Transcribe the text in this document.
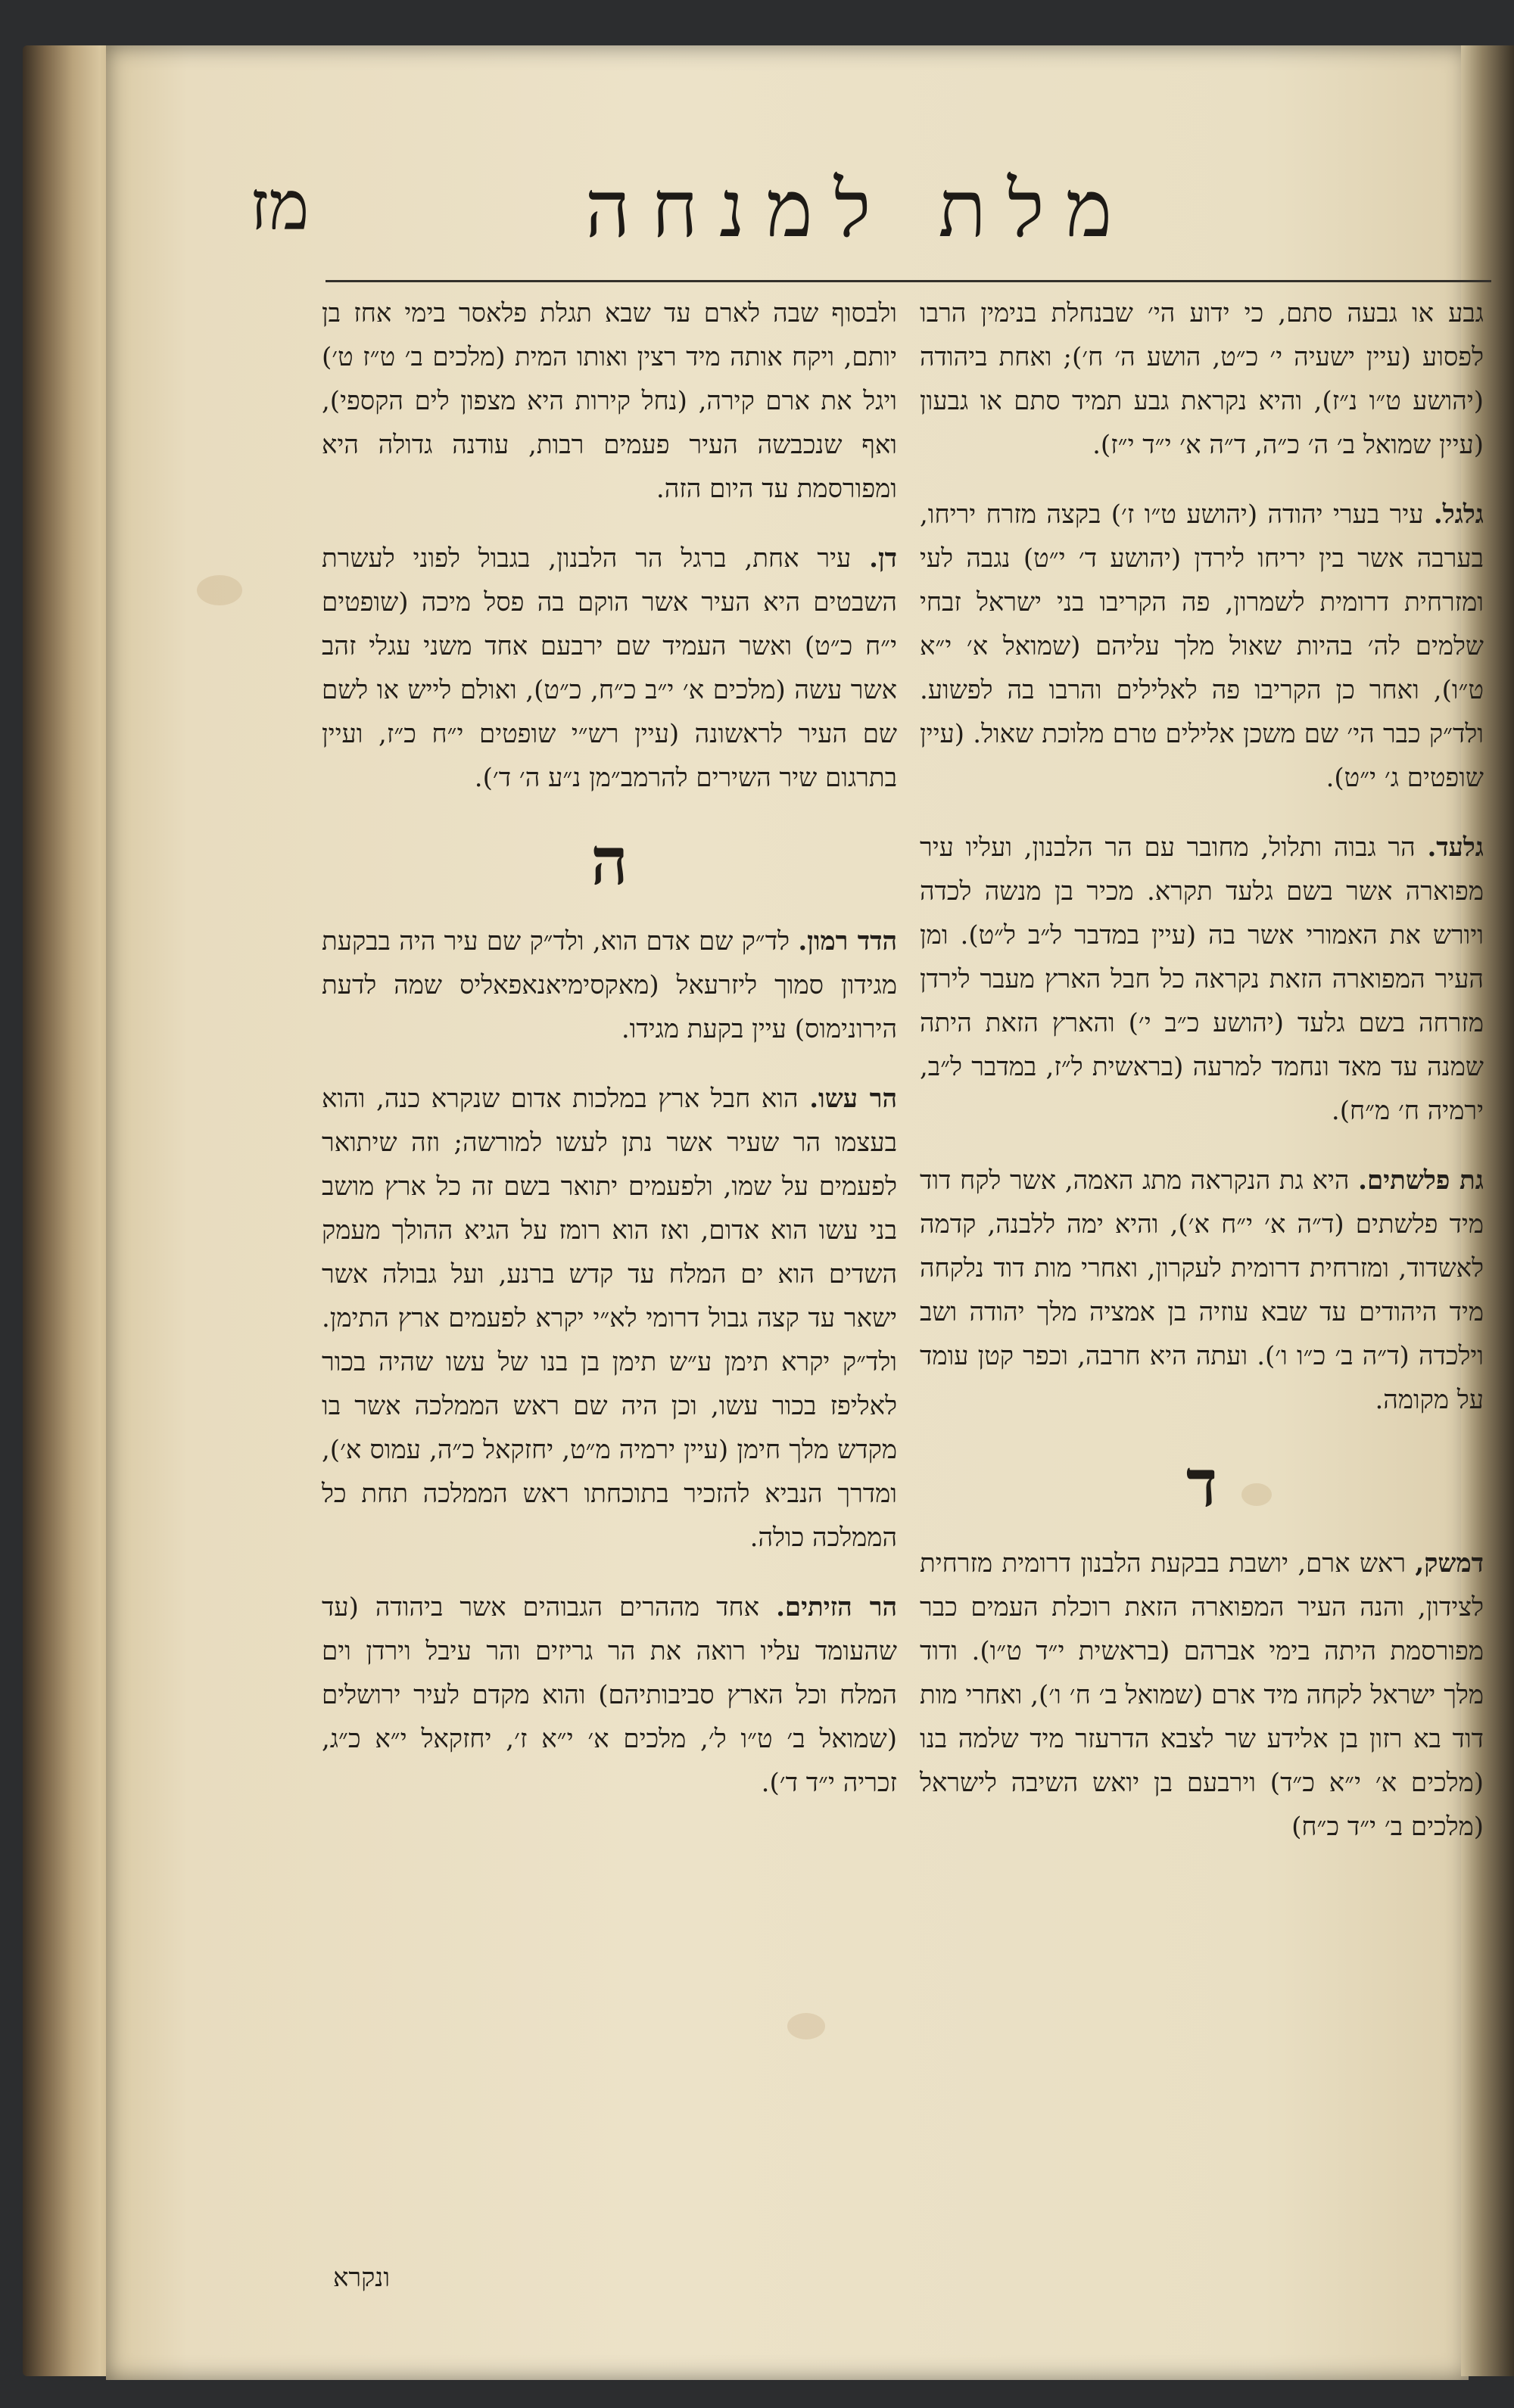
מז	מלת למנחה

גבע או גבעה סתם, כי ידוע הי׳ שבנחלת בנימין הרבו לפסוע (עיין ישעיה י׳ כ״ט, הושע ה׳ ח׳); ואחת ביהודה (יהושע ט״ו נ״ז), והיא נקראת גבע תמיד סתם או גבעון (עיין שמואל ב׳ ה׳ כ״ה, ד״ה א׳ י״ד י״ז).

גלגל. עיר בערי יהודה (יהושע ט״ו ז׳) בקצה מזרח יריחו, בערבה אשר בין יריחו לירדן (יהושע ד׳ י״ט) נגבה לעי ומזרחית דרומית לשמרון, פה הקריבו בני ישראל זבחי שלמים לה׳ בהיות שאול מלך עליהם (שמואל א׳ י״א ט״ו), ואחר כן הקריבו פה לאלילים והרבו בה לפשוע. ולד״ק כבר הי׳ שם משכן אלילים טרם מלוכת שאול. (עיין שופטים ג׳ י״ט).

גלעד. הר גבוה ותלול, מחובר עם הר הלבנון, ועליו עיר מפוארה אשר בשם גלעד תקרא. מכיר בן מנשה לכדה ויורש את האמורי אשר בה (עיין במדבר ל״ב ל״ט). ומן העיר המפוארה הזאת נקראה כל חבל הארץ מעבר לירדן מזרחה בשם גלעד (יהושע כ״ב י׳) והארץ הזאת היתה שמנה עד מאד ונחמד למרעה (בראשית ל״ז, במדבר ל״ב, ירמיה ח׳ מ״ח).

גת פלשתים. היא גת הנקראה מתג האמה, אשר לקח דוד מיד פלשתים (ד״ה א׳ י״ח א׳), והיא ימה ללבנה, קדמה לאשדוד, ומזרחית דרומית לעקרון, ואחרי מות דוד נלקחה מיד היהודים עד שבא עוזיה בן אמציה מלך יהודה ושב וילכדה (ד״ה ב׳ כ״ו ו׳). ועתה היא חרבה, וכפר קטן עומד על מקומה.

ד

דמשק, ראש ארם, יושבת בבקעת הלבנון דרומית מזרחית לצידון, והנה העיר המפוארה הזאת רוכלת העמים כבר מפורסמת היתה בימי אברהם (בראשית י״ד ט״ו). ודוד מלך ישראל לקחה מיד ארם (שמואל ב׳ ח׳ ו׳), ואחרי מות דוד בא רזון בן אלידע שר לצבא הדרעזר מיד שלמה בנו (מלכים א׳ י״א כ״ד) וירבעם בן יואש השיבה לישראל (מלכים ב׳ י״ד כ״ח)

ולבסוף שבה לארם עד שבא תגלת פלאסר בימי אחז בן יותם, ויקח אותה מיד רצין ואותו המית (מלכים ב׳ ט״ז ט׳) ויגל את ארם קירה, (נחל קירות היא מצפון לים הקספי), ואף שנכבשה העיר פעמים רבות, עודנה גדולה היא ומפורסמת עד היום הזה.

דן. עיר אחת, ברגל הר הלבנון, בגבול לפוני לעשרת השבטים היא העיר אשר הוקם בה פסל מיכה (שופטים י״ח כ״ט) ואשר העמיד שם ירבעם אחד משני עגלי זהב אשר עשה (מלכים א׳ י״ב כ״ח, כ״ט), ואולם לייש או לשם שם העיר לראשונה (עיין רש״י שופטים י״ח כ״ז, ועיין בתרגום שיר השירים להרמב״מן נ״ע ה׳ ד׳).

ה

הדד רמון. לד״ק שם אדם הוא, ולד״ק שם עיר היה בבקעת מגידון סמוך ליזרעאל (מאקסימיאנאפאליס שמה לדעת הירונימוס) עיין בקעת מגידו.

הר עשו. הוא חבל ארץ במלכות אדום שנקרא כנה, והוא בעצמו הר שעיר אשר נתן לעשו למורשה; וזה שיתואר לפעמים על שמו, ולפעמים יתואר בשם זה כל ארץ מושב בני עשו הוא אדום, ואז הוא רומז על הגיא ההולך מעמק השדים הוא ים המלח עד קדש ברנע, ועל גבולה אשר ישאר עד קצה גבול דרומי לא״י יקרא לפעמים ארץ התימן. ולד״ק יקרא תימן ע״ש תימן בן בנו של עשו שהיה בכור לאליפז בכור עשו, וכן היה שם ראש הממלכה אשר בו מקדש מלך חימן (עיין ירמיה מ״ט, יחזקאל כ״ה, עמוס א׳), ומדרך הנביא להזכיר בתוכחתו ראש הממלכה תחת כל הממלכה כולה.

הר הזיתים. אחד מההרים הגבוהים אשר ביהודה (עד שהעומד עליו רואה את הר גריזים והר עיבל וירדן וים המלח וכל הארץ סביבותיהם) והוא מקדם לעיר ירושלים (שמואל ב׳ ט״ו ל׳, מלכים א׳ י״א ז׳, יחזקאל י״א כ״ג, זכריה י״ד ד׳).

ונקרא
